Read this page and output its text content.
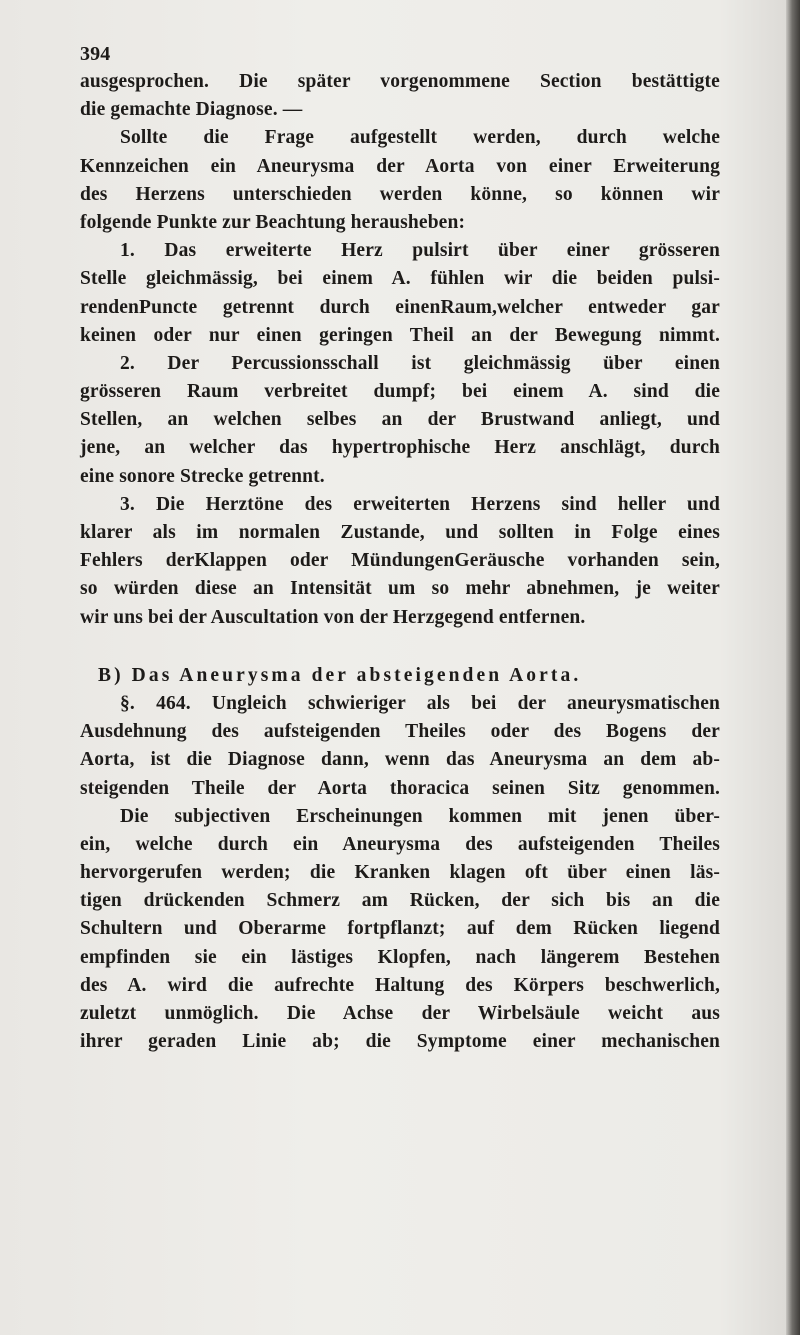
394
ausgesprochen. Die später vorgenommene Section bestättigte
die gemachte Diagnose. —
Sollte die Frage aufgestellt werden, durch welche
Kennzeichen ein Aneurysma der Aorta von einer Erweiterung
des Herzens unterschieden werden könne, so können wir
folgende Punkte zur Beachtung herausheben:
1. Das erweiterte Herz pulsirt über einer grösseren
Stelle gleichmässig, bei einem A. fühlen wir die beiden pulsi-
rendenPuncte getrennt durch einenRaum,welcher entweder gar
keinen oder nur einen geringen Theil an der Bewegung nimmt.
2. Der Percussionsschall ist gleichmässig über einen
grösseren Raum verbreitet dumpf; bei einem A. sind die
Stellen, an welchen selbes an der Brustwand anliegt, und
jene, an welcher das hypertrophische Herz anschlägt, durch
eine sonore Strecke getrennt.
3. Die Herztöne des erweiterten Herzens sind heller und
klarer als im normalen Zustande, und sollten in Folge eines
Fehlers derKlappen oder MündungenGeräusche vorhanden sein,
so würden diese an Intensität um so mehr abnehmen, je weiter
wir uns bei der Auscultation von der Herzgegend entfernen.
B) Das Aneurysma der absteigenden Aorta.
§. 464. Ungleich schwieriger als bei der aneurysmatischen
Ausdehnung des aufsteigenden Theiles oder des Bogens der
Aorta, ist die Diagnose dann, wenn das Aneurysma an dem ab-
steigenden Theile der Aorta thoracica seinen Sitz genommen.
Die subjectiven Erscheinungen kommen mit jenen über-
ein, welche durch ein Aneurysma des aufsteigenden Theiles
hervorgerufen werden; die Kranken klagen oft über einen läs-
tigen drückenden Schmerz am Rücken, der sich bis an die
Schultern und Oberarme fortpflanzt; auf dem Rücken liegend
empfinden sie ein lästiges Klopfen, nach längerem Bestehen
des A. wird die aufrechte Haltung des Körpers beschwerlich,
zuletzt unmöglich. Die Achse der Wirbelsäule weicht aus
ihrer geraden Linie ab; die Symptome einer mechanischen
